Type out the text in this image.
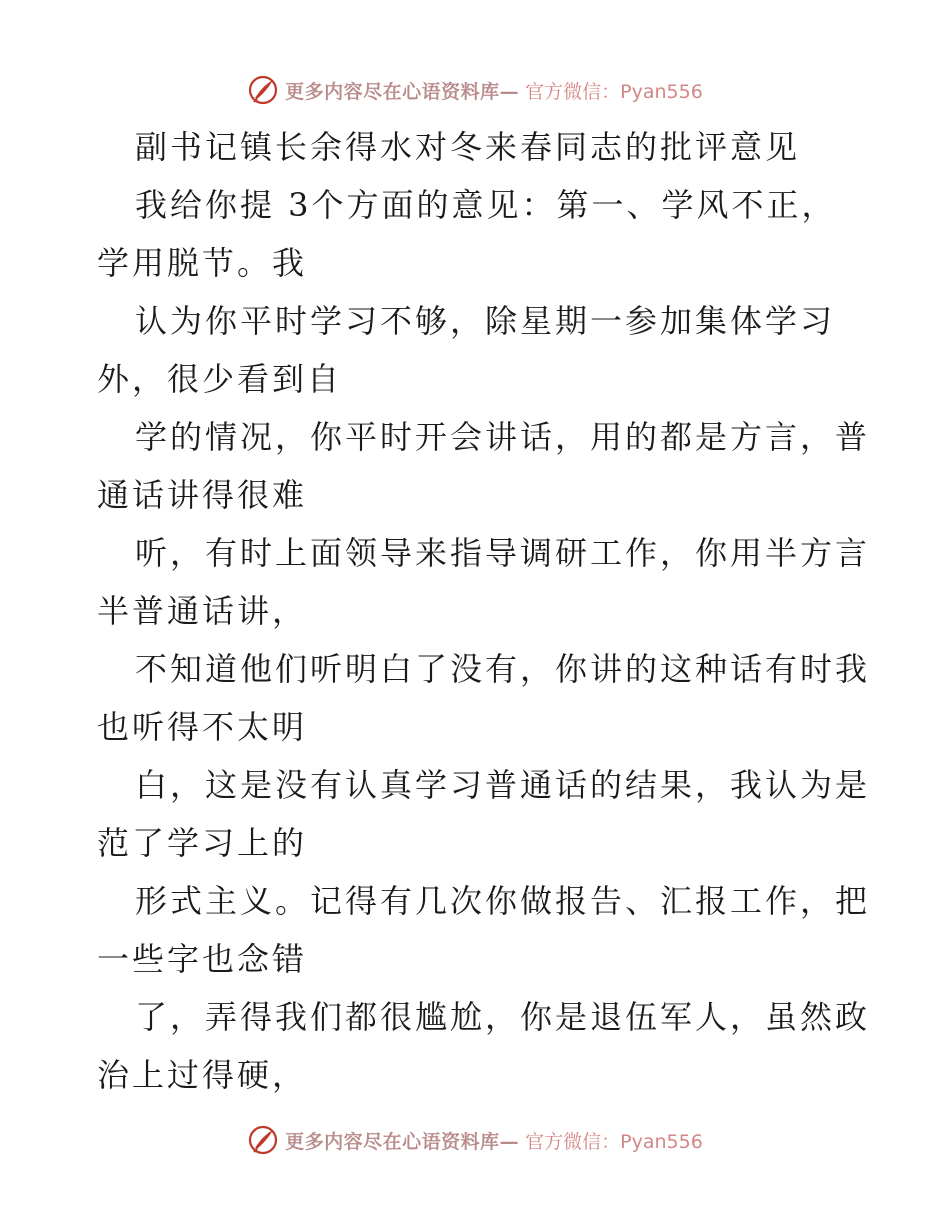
更多内容尽在心语资料库— 官方微信：Pyan556
副书记镇长余得水对冬来春同志的批评意见
我给你提 3个方面的意见：第一、学风不正，
学用脱节。我
认为你平时学习不够，除星期一参加集体学习
外，很少看到自
学的情况，你平时开会讲话，用的都是方言，普
通话讲得很难
听，有时上面领导来指导调研工作，你用半方言
半普通话讲，
不知道他们听明白了没有，你讲的这种话有时我
也听得不太明
白，这是没有认真学习普通话的结果，我认为是
范了学习上的
形式主义。记得有几次你做报告、汇报工作，把
一些字也念错
了，弄得我们都很尴尬，你是退伍军人，虽然政
治上过得硬，
更多内容尽在心语资料库— 官方微信：Pyan556
